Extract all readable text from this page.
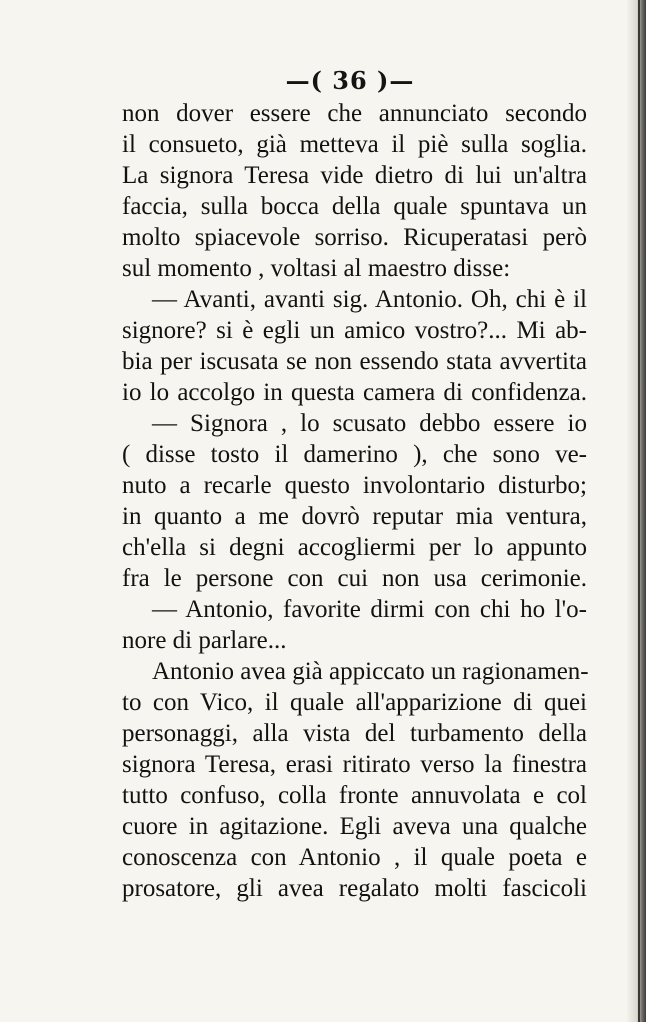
—( 36 )—
non dover essere che annunciato secondo
il consueto, già metteva il piè sulla soglia.
La signora Teresa vide dietro di lui un'altra
faccia, sulla bocca della quale spuntava un
molto spiacevole sorriso. Ricuperatasi però
sul momento , voltasi al maestro disse:
— Avanti, avanti sig. Antonio. Oh, chi è il
signore? si è egli un amico vostro?... Mi ab-
bia per iscusata se non essendo stata avvertita
io lo accolgo in questa camera di confidenza.
— Signora , lo scusato debbo essere io
( disse tosto il damerino ), che sono ve-
nuto a recarle questo involontario disturbo;
in quanto a me dovrò reputar mia ventura,
ch'ella si degni accogliermi per lo appunto
fra le persone con cui non usa cerimonie.
— Antonio, favorite dirmi con chi ho l'o-
nore di parlare...
Antonio avea già appiccato un ragionamen-
to con Vico, il quale all'apparizione di quei
personaggi, alla vista del turbamento della
signora Teresa, erasi ritirato verso la finestra
tutto confuso, colla fronte annuvolata e col
cuore in agitazione. Egli aveva una qualche
conoscenza con Antonio , il quale poeta e
prosatore, gli avea regalato molti fascicoli
